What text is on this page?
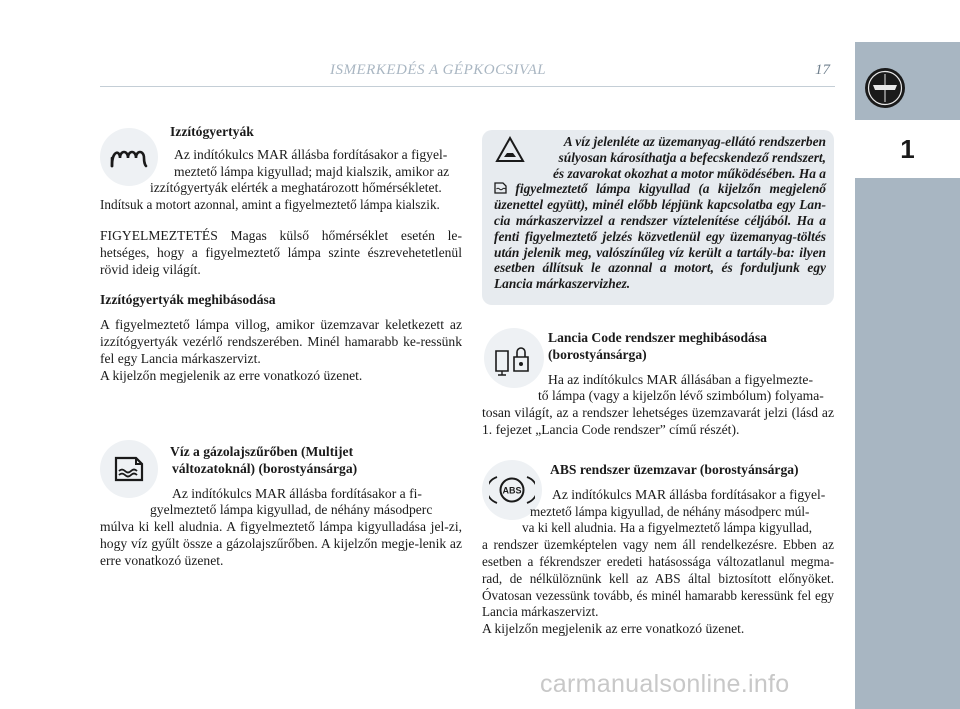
ISMERKEDÉS A GÉPKOCSIVAL	17
1

Izzítógyertyák

Az indítókulcs MAR állásba fordításakor a figyel-

meztető lámpa kigyullad; majd kialszik, amikor az

izzítógyertyák elérték a meghatározott hőmérsékletet.

Indítsuk a motort azonnal, amint a figyelmeztető lámpa kialszik.

FIGYELMEZTETÉS Magas külső hőmérséklet esetén le-hetséges, hogy a figyelmeztető lámpa szinte észrevehetetlenül rövid ideig világít.

Izzítógyertyák meghibásodása

A figyelmeztető lámpa villog, amikor üzemzavar keletkezett az izzítógyertyák vezérlő rendszerében. Minél hamarabb ke-ressünk fel egy Lancia márkaszervizt.

A kijelzőn megjelenik az erre vonatkozó üzenet.

Víz a gázolajszűrőben (Multijet

változatoknál) (borostyánsárga)

Az indítókulcs MAR állásba fordításakor a fi-

gyelmeztető lámpa kigyullad, de néhány másodperc

múlva ki kell aludnia. A figyelmeztető lámpa kigyulladása jel-zi, hogy víz gyűlt össze a gázolajszűrőben. A kijelzőn megje-lenik az erre vonatkozó üzenet.

A víz jelenléte az üzemanyag-ellátó rendszerben
súlyosan károsíthatja a befecskendező rendszert,
és zavarokat okozhat a motor működésében. Ha a
figyelmeztető lámpa kigyullad (a kijelzőn megjelenő üzenettel együtt), minél előbb lépjünk kapcsolatba egy Lan-cia márkaszervizzel a rendszer víztelenítése céljából. Ha a fenti figyelmeztető jelzés közvetlenül egy üzemanyag-töltés után jelenik meg, valószínűleg víz került a tartály-ba: ilyen esetben állítsuk le azonnal a motort, és forduljunk egy Lancia márkaszervizhez.

Lancia Code rendszer meghibásodása

(borostyánsárga)

Ha az indítókulcs MAR állásában a figyelmezte-

tő lámpa (vagy a kijelzőn lévő szimbólum) folyama-

tosan világít, az a rendszer lehetséges üzemzavarát jelzi (lásd az 1. fejezet „Lancia Code rendszer” című részét).

ABS

ABS rendszer üzemzavar (borostyánsárga)

Az indítókulcs MAR állásba fordításakor a figyel-

meztető lámpa kigyullad, de néhány másodperc múl-

va ki kell aludnia. Ha a figyelmeztető lámpa kigyullad,

a rendszer üzemképtelen vagy nem áll rendelkezésre. Ebben az esetben a fékrendszer eredeti hatásossága változatlanul megma-rad, de nélkülöznünk kell az ABS által biztosított előnyöket. Óvatosan vezessünk tovább, és minél hamarabb keressünk fel egy Lancia márkaszervizt.

A kijelzőn megjelenik az erre vonatkozó üzenet.

carmanualsonline.info
